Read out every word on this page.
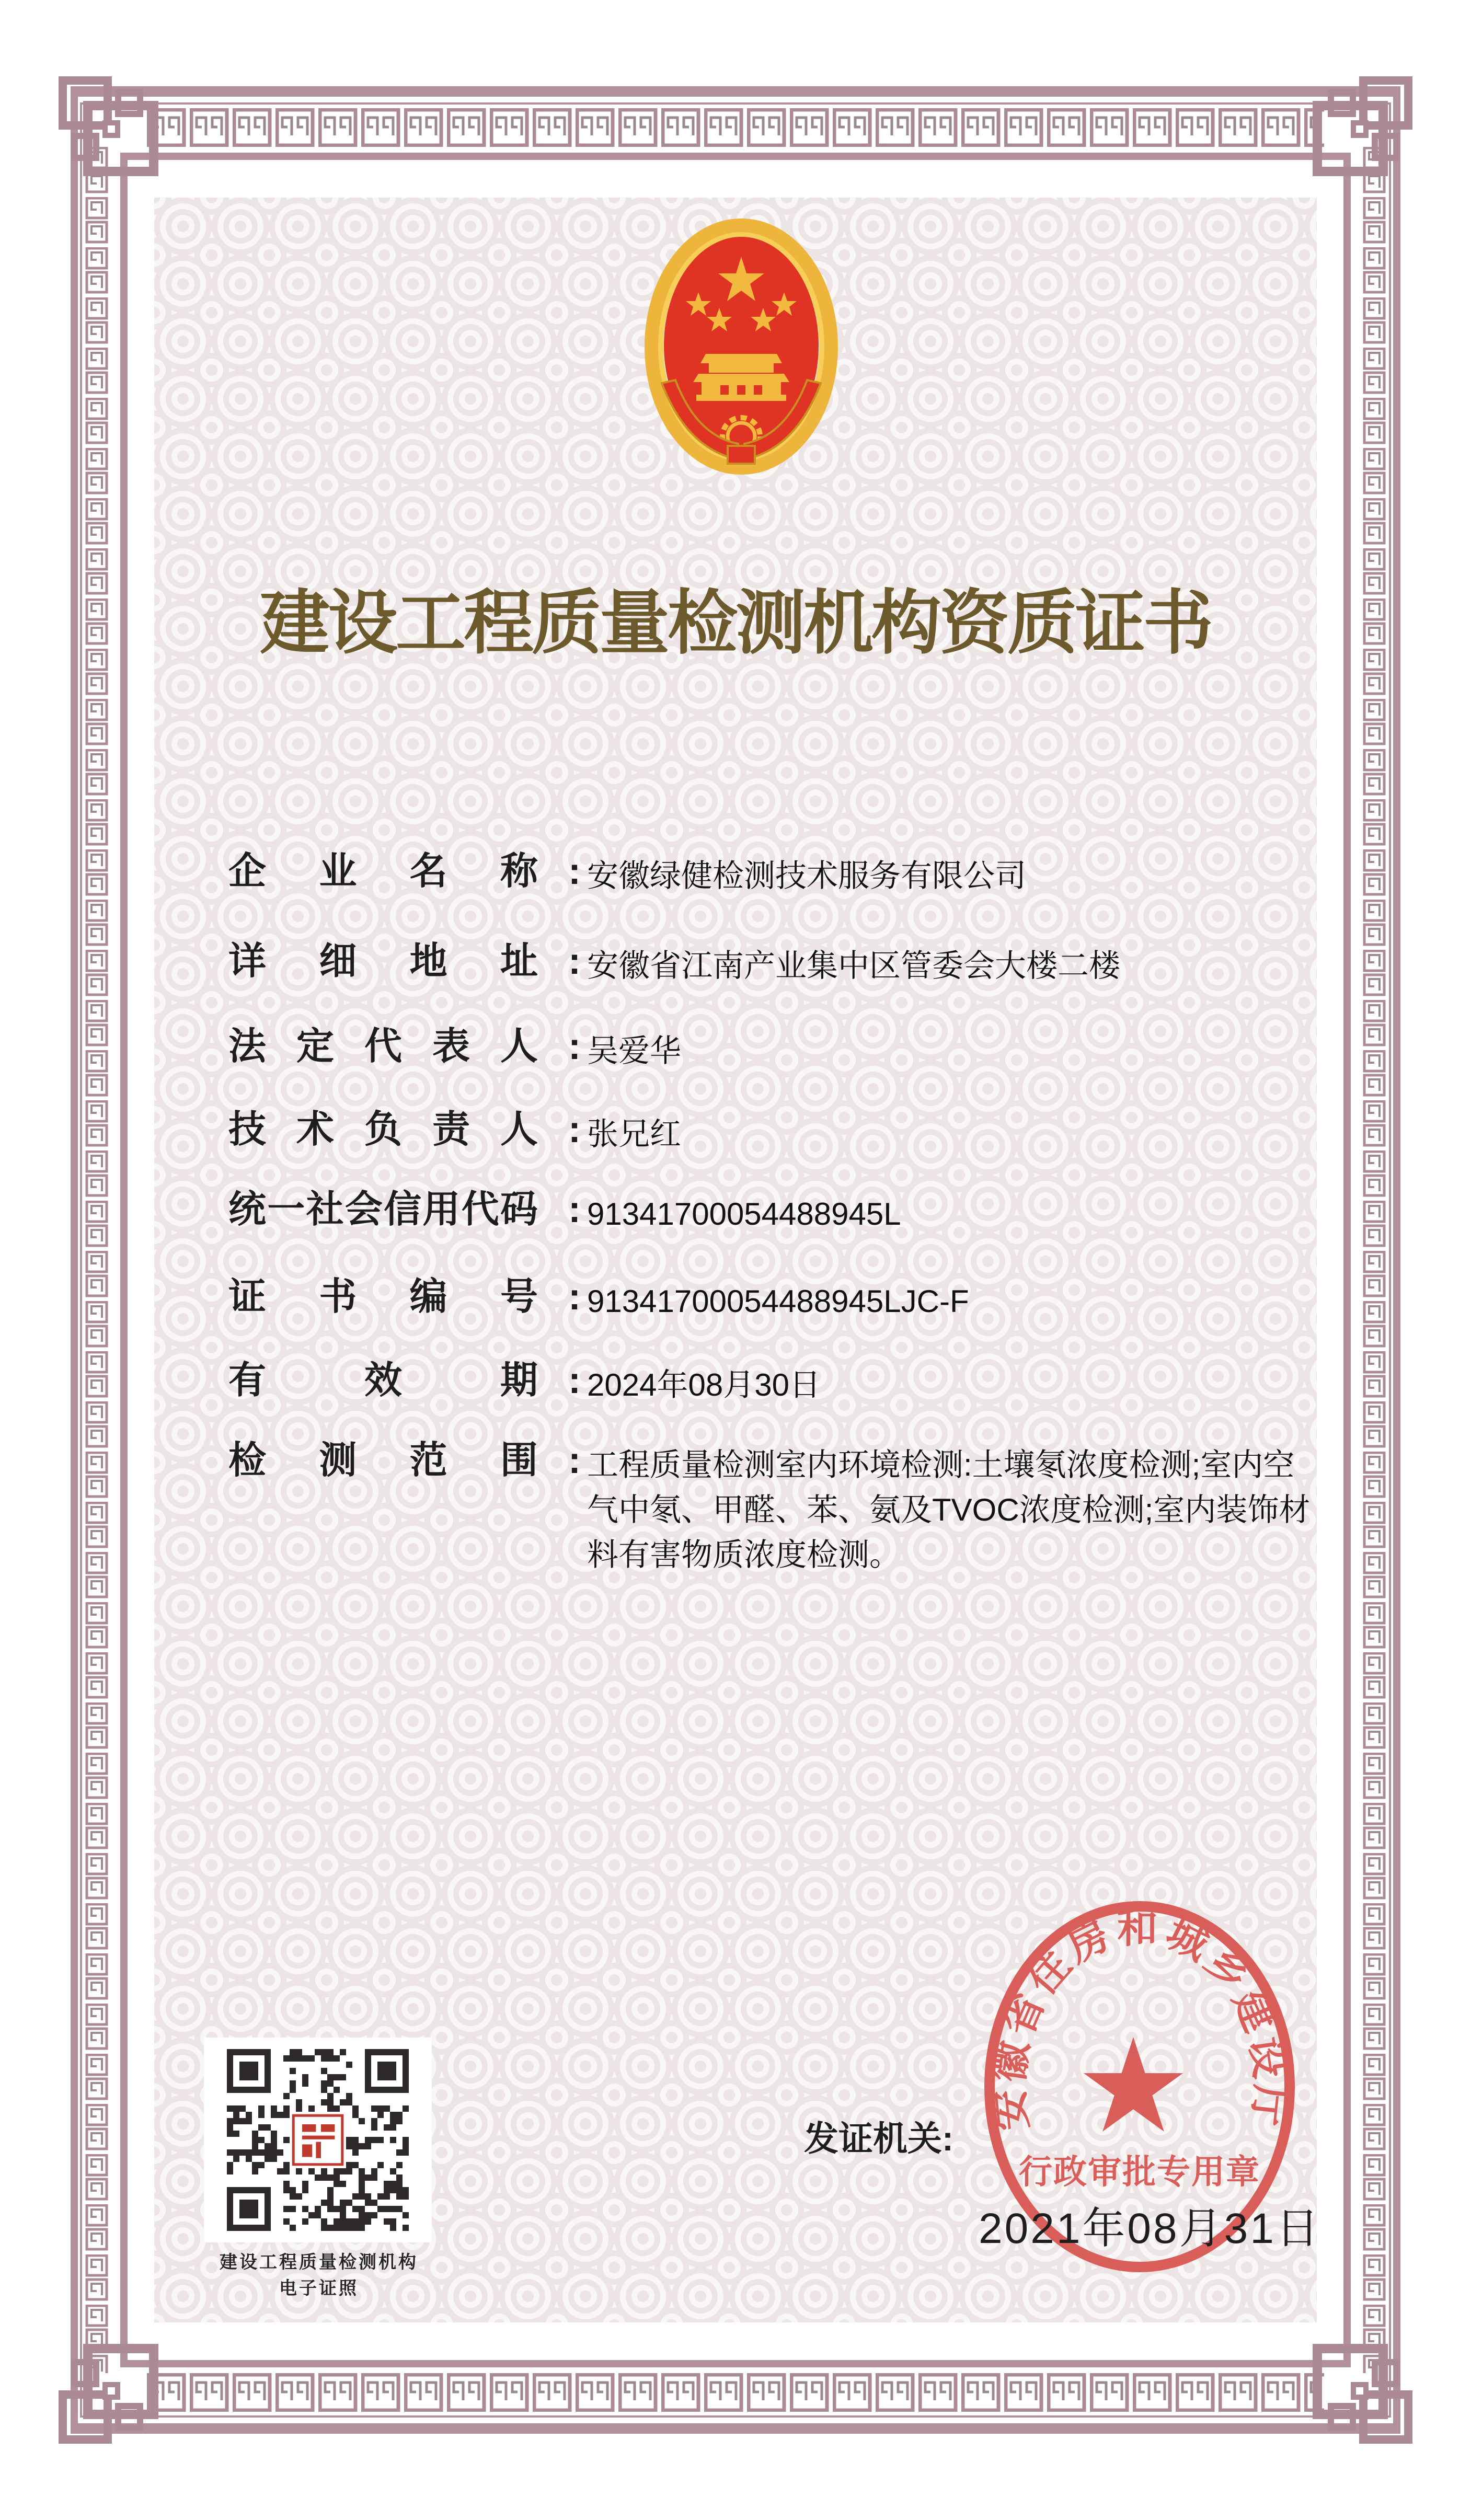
建设工程质量检测机构资质证书
企业名称 : 安徽绿健检测技术服务有限公司
详细地址 : 安徽省江南产业集中区管委会大楼二楼
法定代表人 : 吴爱华
技术负责人 : 张兄红
统一社会信用代码 : 91341700054488945L
证书编号 : 91341700054488945LJC-F
有效期 : 2024年08月30日
检测范围 : 工程质量检测室内环境检测:土壤氡浓度检测;室内空气中氡、甲醛、苯、氨及TVOC浓度检测;室内装饰材料有害物质浓度检测。
建设工程质量检测机构
电子证照
发证机关:
安徽省住房和城乡建设厅
行政审批专用章
2021年08月31日
